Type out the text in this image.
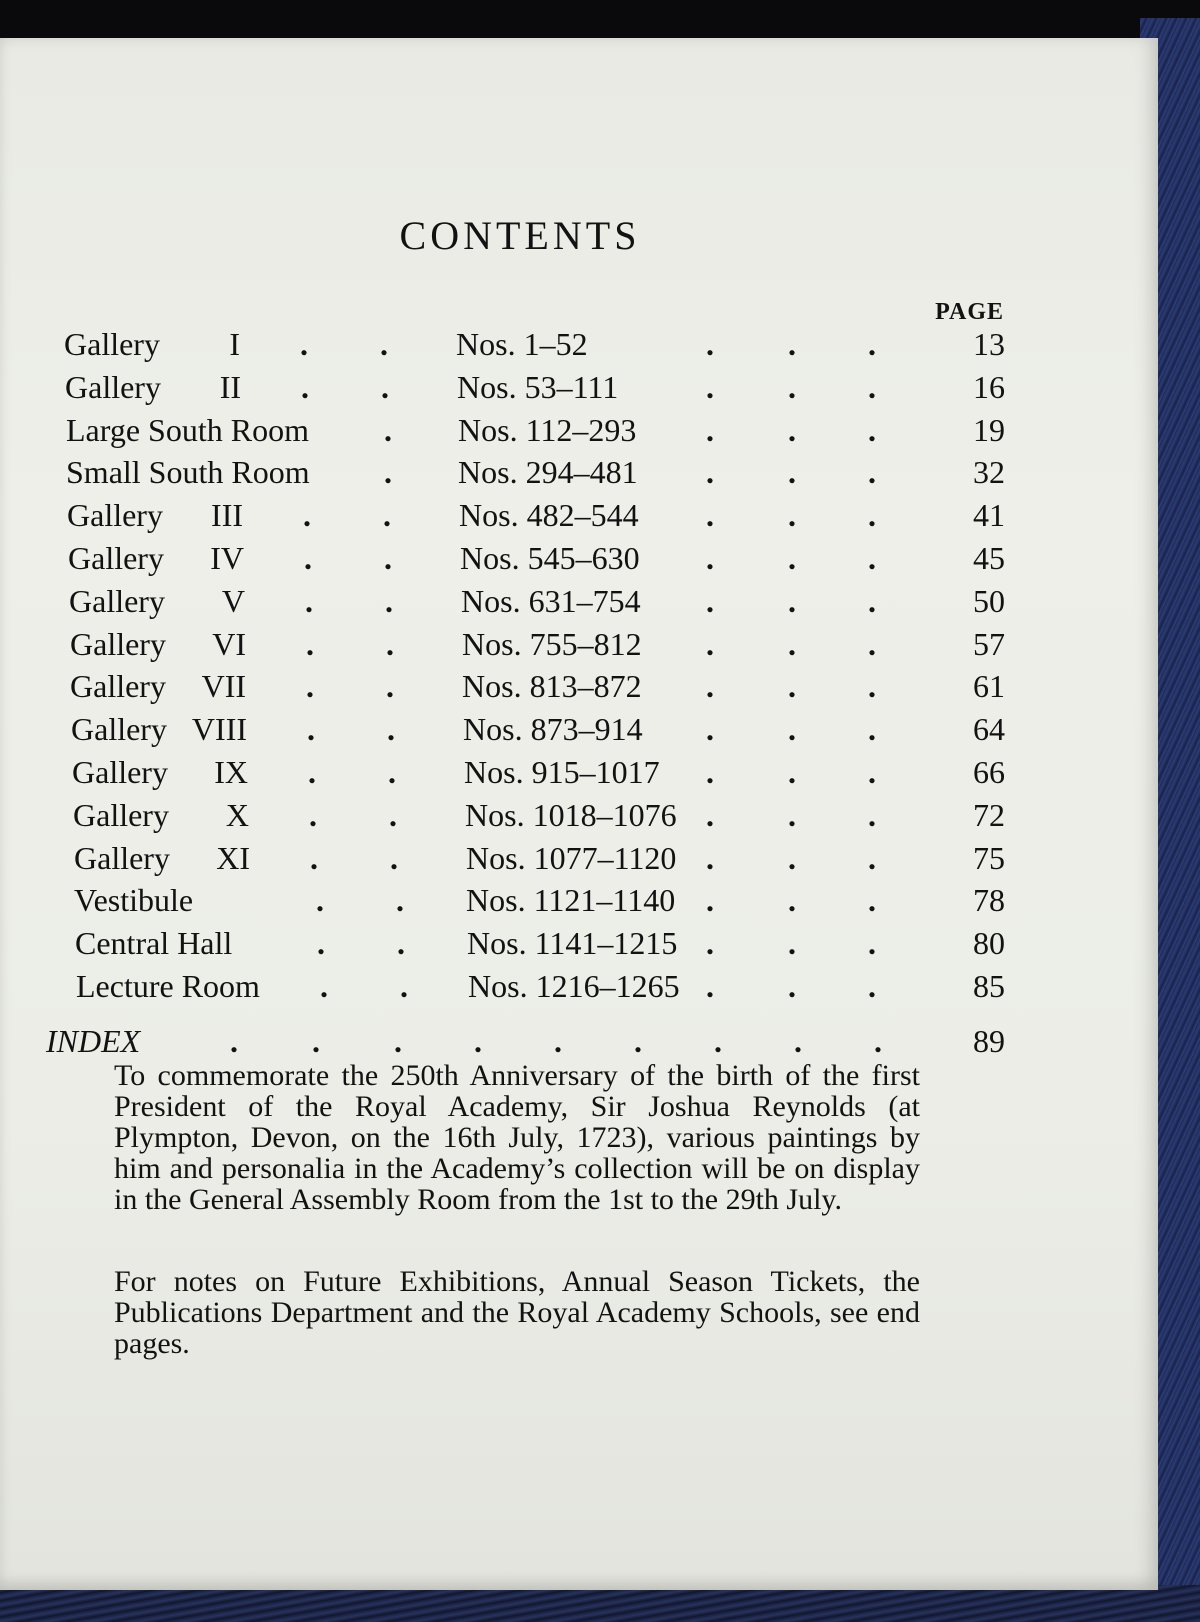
CONTENTS
PAGE
Gallery I . . Nos. 1–52	. . .	13
Gallery II . . Nos. 53–111	. . .	16
Large South Room . Nos. 112–293 . . .	19
Small South Room . Nos. 294–481 . . .	32
Gallery III . . Nos. 482–544 . . .	41
Gallery IV . . Nos. 545–630 . . .	45
Gallery V . . Nos. 631–754 . . .	50
Gallery VI . . Nos. 755–812 . . .	57
Gallery VII . . Nos. 813–872 . . .	61
Gallery VIII . . Nos. 873–914 . . .	64
Gallery IX . . Nos. 915–1017 . . .	66
Gallery X . . Nos. 1018–1076 . . .	72
Gallery XI . . Nos. 1077–1120 . . .	75
Vestibule	. . Nos. 1121–1140 . . .	78
Central Hall	. . Nos. 1141–1215 . . .	80
Lecture Room . . Nos. 1216–1265 . . .	85
INDEX	. . . . . . . . .	89

To commemorate the 250th Anniversary of the birth of the first President of the Royal Academy, Sir Joshua Reynolds (at Plympton, Devon, on the 16th July, 1723), various paintings by him and personalia in the Academy’s collection will be on display in the General Assembly Room from the 1st to the 29th July.

For notes on Future Exhibitions, Annual Season Tickets, the Publications Department and the Royal Academy Schools, see end pages.
